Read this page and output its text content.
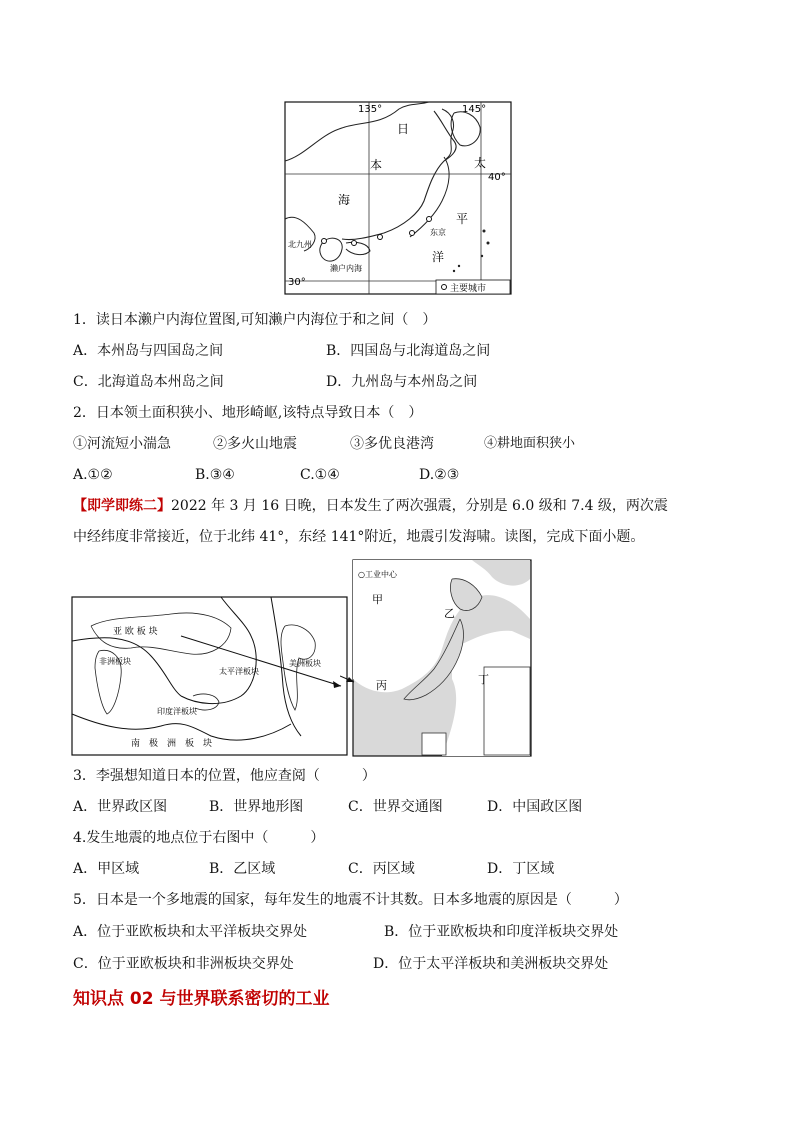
135°	145°
40°
30°
日
本
海
太
平
洋
北九州
东京
濑户内海
主要城市
1．读日本濑户内海位置图,可知濑户内海位于和之间（　）
A．本州岛与四国岛之间	B．四国岛与北海道岛之间
C．北海道岛本州岛之间	D．九州岛与本州岛之间
2．日本领土面积狭小、地形崎岖,该特点导致日本（　）
①河流短小湍急	②多火山地震	③多优良港湾	④耕地面积狭小
A.①②	B.③④	C.①④	D.②③
【即学即练二】2022 年 3 月 16 日晚，日本发生了两次强震，分别是 6.0 级和 7.4 级，两次震
中经纬度非常接近，位于北纬 41°，东经 141°附近，地震引发海啸。读图，完成下面小题。
亚 欧 板 块
非洲板块
太平洋板块
印度洋板块
美洲板块
南　极　洲　板　块
○工业中心
甲
乙
丙	丁
3．李强想知道日本的位置，他应查阅（　　　）
A．世界政区图	B．世界地形图	C．世界交通图	D．中国政区图
4.发生地震的地点位于右图中（　　　）
A．甲区域	B．乙区域	C．丙区域	D．丁区域
5．日本是一个多地震的国家，每年发生的地震不计其数。日本多地震的原因是（　　　）
A．位于亚欧板块和太平洋板块交界处	B．位于亚欧板块和印度洋板块交界处
C．位于亚欧板块和非洲板块交界处	D．位于太平洋板块和美洲板块交界处
知识点 02 与世界联系密切的工业
